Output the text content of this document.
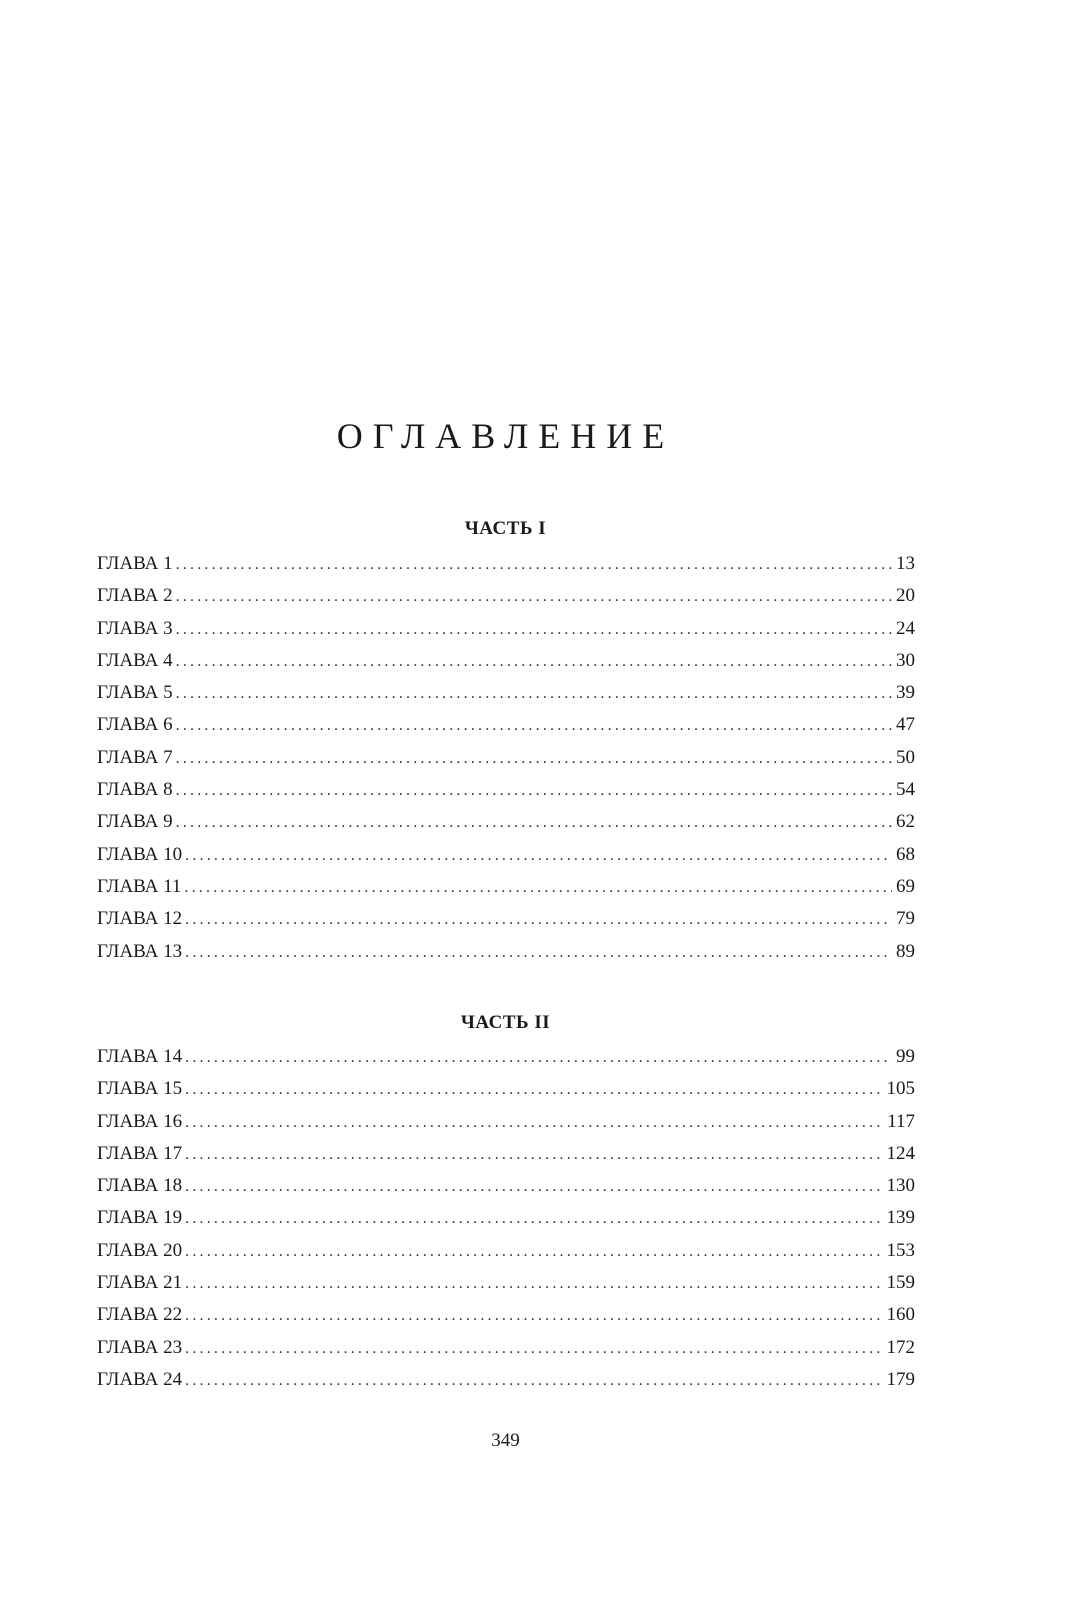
ОГЛАВЛЕНИЕ
ЧАСТЬ I
ГЛАВА 1 .....	13
ГЛАВА 2 .....	20
ГЛАВА 3 .....	24
ГЛАВА 4 .....	30
ГЛАВА 5 .....	39
ГЛАВА 6 .....	47
ГЛАВА 7 .....	50
ГЛАВА 8 .....	54
ГЛАВА 9 .....	62
ГЛАВА 10 .....	68
ГЛАВА 11 .....	69
ГЛАВА 12 .....	79
ГЛАВА 13 .....	89
ЧАСТЬ II
ГЛАВА 14 .....	99
ГЛАВА 15 .....	105
ГЛАВА 16 .....	117
ГЛАВА 17 .....	124
ГЛАВА 18 .....	130
ГЛАВА 19 .....	139
ГЛАВА 20 .....	153
ГЛАВА 21 .....	159
ГЛАВА 22 .....	160
ГЛАВА 23 .....	172
ГЛАВА 24 .....	179

349
